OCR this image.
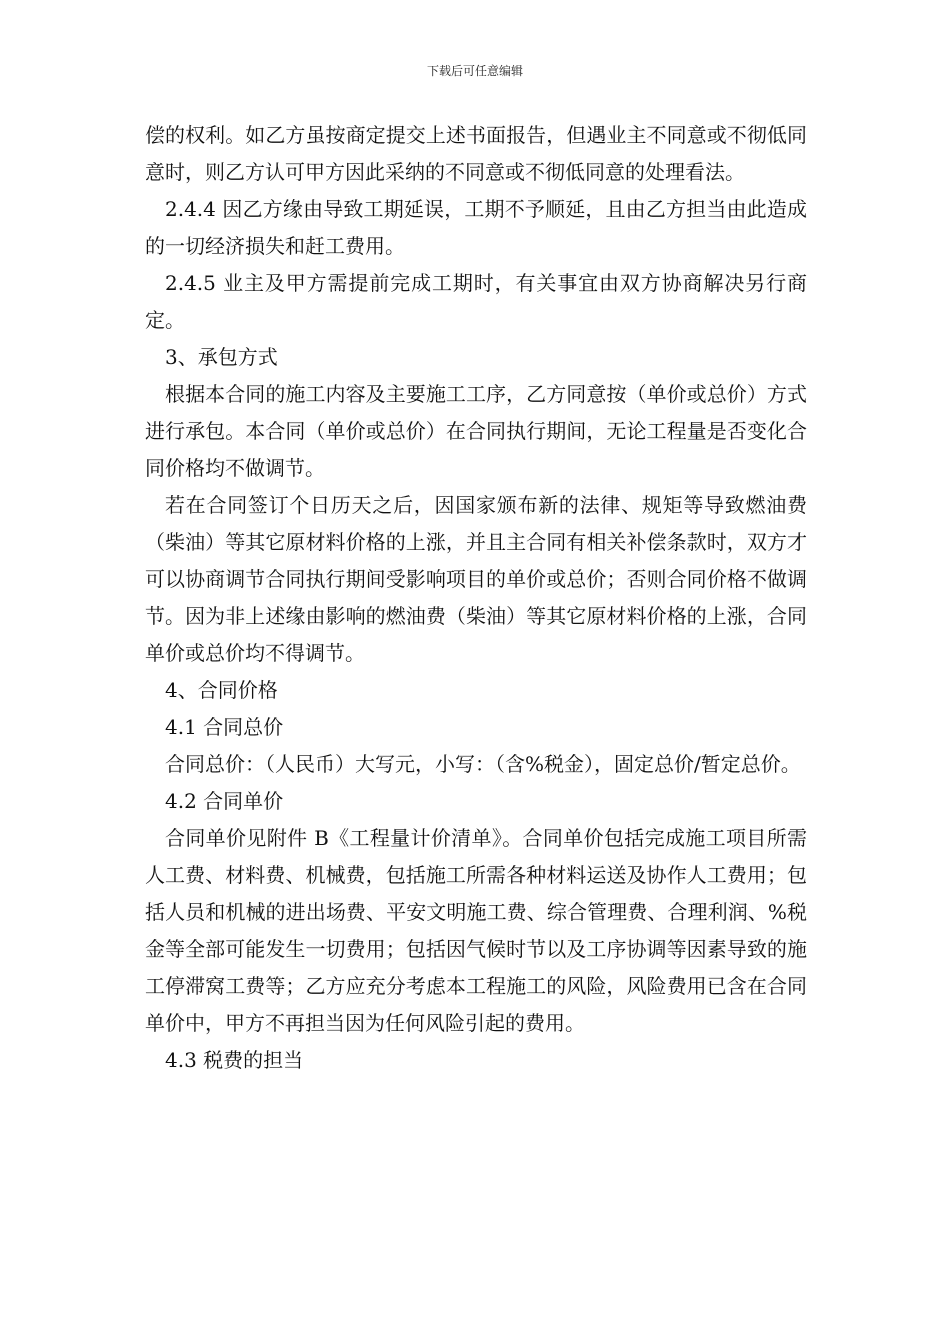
下载后可任意编辑

偿的权利。如乙方虽按商定提交上述书面报告，但遇业主不同意或不彻低同意时，则乙方认可甲方因此采纳的不同意或不彻低同意的处理看法。

2.4.4 因乙方缘由导致工期延误，工期不予顺延，且由乙方担当由此造成的一切经济损失和赶工费用。

2.4.5 业主及甲方需提前完成工期时，有关事宜由双方协商解决另行商定。

3、承包方式

根据本合同的施工内容及主要施工工序，乙方同意按（单价或总价）方式进行承包。本合同（单价或总价）在合同执行期间，无论工程量是否变化合同价格均不做调节。

若在合同签订个日历天之后，因国家颁布新的法律、规矩等导致燃油费（柴油）等其它原材料价格的上涨，并且主合同有相关补偿条款时，双方才可以协商调节合同执行期间受影响项目的单价或总价；否则合同价格不做调节。因为非上述缘由影响的燃油费（柴油）等其它原材料价格的上涨，合同单价或总价均不得调节。

4、合同价格

4.1 合同总价

合同总价：（人民币）大写元，小写：（含%税金），固定总价/暂定总价。

4.2 合同单价

合同单价见附件 B《工程量计价清单》。合同单价包括完成施工项目所需人工费、材料费、机械费，包括施工所需各种材料运送及协作人工费用；包括人员和机械的进出场费、平安文明施工费、综合管理费、合理利润、%税金等全部可能发生一切费用；包括因气候时节以及工序协调等因素导致的施工停滞窝工费等；乙方应充分考虑本工程施工的风险，风险费用已含在合同单价中，甲方不再担当因为任何风险引起的费用。

4.3 税费的担当
